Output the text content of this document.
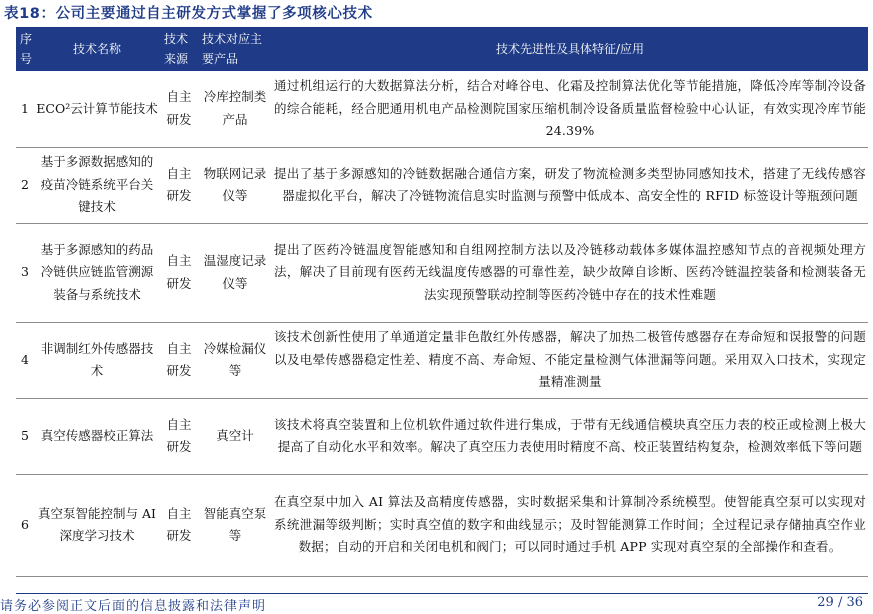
表18：公司主要通过自主研发方式掌握了多项核心技术
序号	技术名称	技术来源	技术对应主要产品	技术先进性及具体特征/应用
1	ECO²云计算节能技术	自主研发	冷库控制类产品	通过机组运行的大数据算法分析，结合对峰谷电、化霜及控制算法优化等节能措施，降低冷库等制冷设备的综合能耗，经合肥通用机电产品检测院国家压缩机制冷设备质量监督检验中心认证，有效实现冷库节能 24.39%
2	基于多源数据感知的疫苗冷链系统平台关键技术	自主研发	物联网记录仪等	提出了基于多源感知的冷链数据融合通信方案，研发了物流检测多类型协同感知技术，搭建了无线传感容器虚拟化平台，解决了冷链物流信息实时监测与预警中低成本、高安全性的 RFID 标签设计等瓶颈问题
3	基于多源感知的药品冷链供应链监管溯源装备与系统技术	自主研发	温湿度记录仪等	提出了医药冷链温度智能感知和自组网控制方法以及冷链移动载体多媒体温控感知节点的音视频处理方法，解决了目前现有医药无线温度传感器的可靠性差，缺少故障自诊断、医药冷链温控装备和检测装备无法实现预警联动控制等医药冷链中存在的技术性难题
4	非调制红外传感器技术	自主研发	冷媒检漏仪等	该技术创新性使用了单通道定量非色散红外传感器，解决了加热二极管传感器存在寿命短和误报警的问题以及电晕传感器稳定性差、精度不高、寿命短、不能定量检测气体泄漏等问题。采用双入口技术，实现定量精准测量
5	真空传感器校正算法	自主研发	真空计	该技术将真空装置和上位机软件通过软件进行集成，于带有无线通信模块真空压力表的校正或检测上极大提高了自动化水平和效率。解决了真空压力表使用时精度不高、校正装置结构复杂，检测效率低下等问题
6	真空泵智能控制与 AI 深度学习技术	自主研发	智能真空泵等	在真空泵中加入 AI 算法及高精度传感器，实时数据采集和计算制冷系统模型。使智能真空泵可以实现对系统泄漏等级判断；实时真空值的数字和曲线显示；及时智能测算工作时间；全过程记录存储抽真空作业数据；自动的开启和关闭电机和阀门；可以同时通过手机 APP 实现对真空泵的全部操作和查看。
请务必参阅正文后面的信息披露和法律声明	29 / 36
